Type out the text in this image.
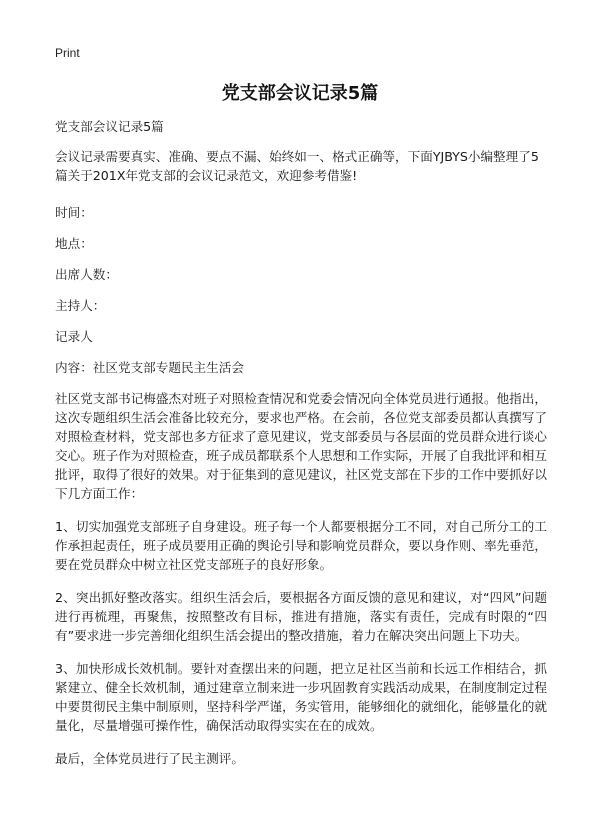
Print
党支部会议记录5篇

党支部会议记录5篇

会议记录需要真实、准确、要点不漏、始终如一、格式正确等，下面YJBYS小编整理了5篇关于201X年党支部的会议记录范文，欢迎参考借鉴!

时间：

地点：

出席人数：

主持人：

记录人

内容：社区党支部专题民主生活会

社区党支部书记梅盛杰对班子对照检查情况和党委会情况向全体党员进行通报。他指出，这次专题组织生活会准备比较充分，要求也严格。在会前，各位党支部委员都认真撰写了对照检查材料，党支部也多方征求了意见建议，党支部委员与各层面的党员群众进行谈心交心。班子作为对照检查，班子成员都联系个人思想和工作实际，开展了自我批评和相互批评，取得了很好的效果。对于征集到的意见建议，社区党支部在下步的工作中要抓好以下几方面工作：

1、切实加强党支部班子自身建设。班子每一个人都要根据分工不同，对自己所分工的工作承担起责任，班子成员要用正确的舆论引导和影响党员群众，要以身作则、率先垂范，要在党员群众中树立社区党支部班子的良好形象。

2、突出抓好整改落实。组织生活会后，要根据各方面反馈的意见和建议，对“四风”问题进行再梳理，再聚焦，按照整改有目标，推进有措施，落实有责任，完成有时限的“四有”要求进一步完善细化组织生活会提出的整改措施，着力在解决突出问题上下功夫。

3、加快形成长效机制。要针对查摆出来的问题，把立足社区当前和长远工作相结合，抓紧建立、健全长效机制，通过建章立制来进一步巩固教育实践活动成果，在制度制定过程中要贯彻民主集中制原则，坚持科学严谨，务实管用，能够细化的就细化，能够量化的就量化，尽量增强可操作性，确保活动取得实实在在的成效。

最后，全体党员进行了民主测评。
